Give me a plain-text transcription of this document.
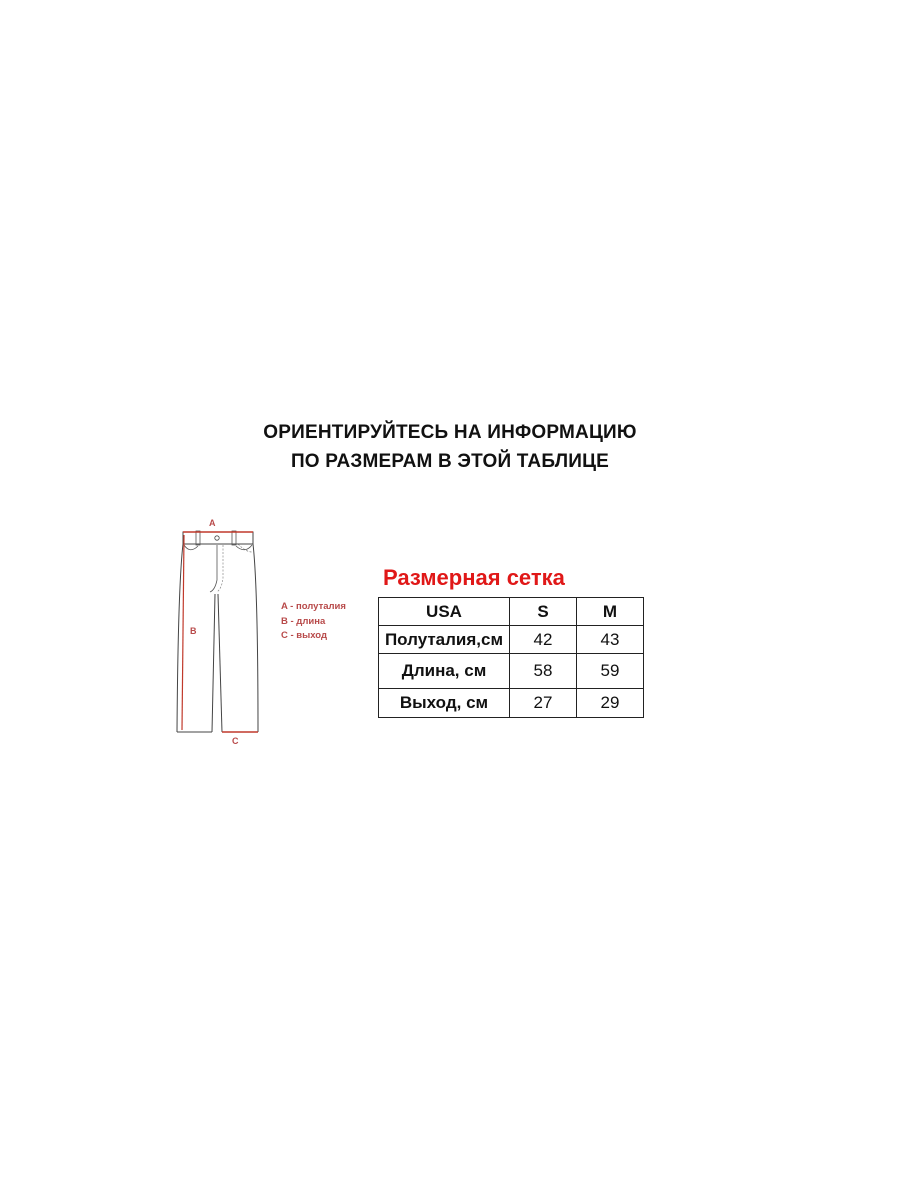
ОРИЕНТИРУЙТЕСЬ НА ИНФОРМАЦИЮ
ПО РАЗМЕРАМ В ЭТОЙ ТАБЛИЦЕ
A
B
C
A - полуталия
B - длина
C - выход
Размерная сетка
USA	S	M
Полуталия,см	42	43
Длина, см	58	59
Выход, см	27	29
